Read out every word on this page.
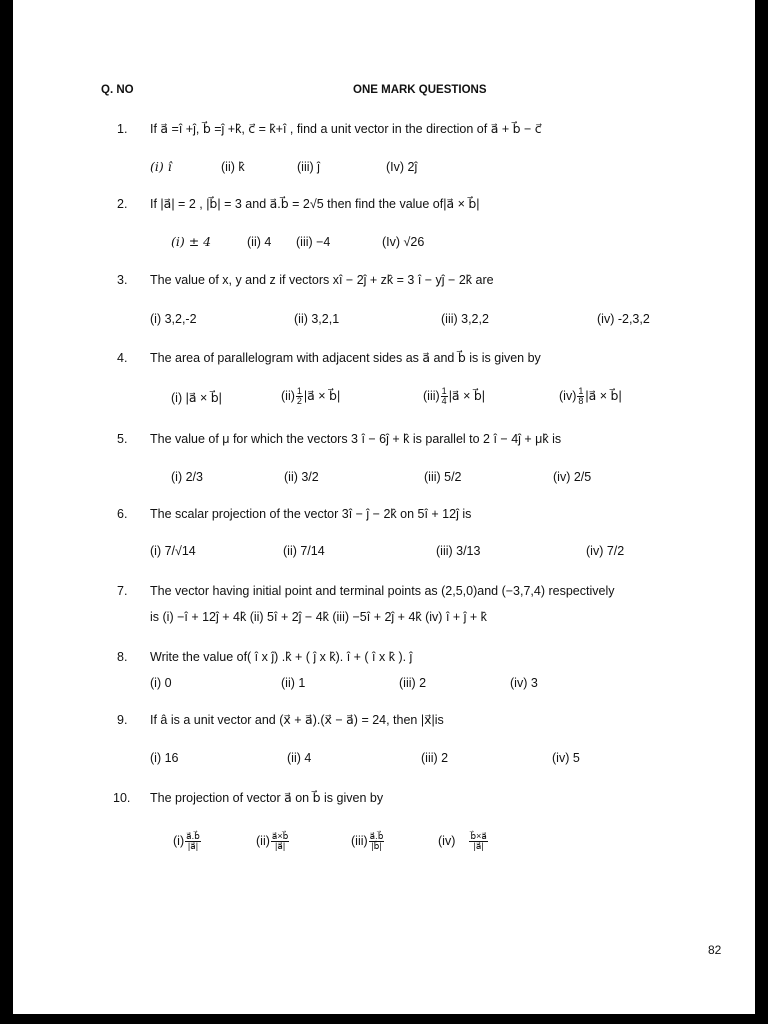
Q. NO	ONE MARK QUESTIONS
1. If a⃗ =î +ĵ, b⃗ =ĵ +k̂, c⃗ = k̂+î , find a unit vector in the direction of a⃗ + b⃗ − c⃗
(i) î	(ii) k̂	(iii) ĵ	(Iv) 2ĵ
2. If |a⃗| = 2 , |b⃗| = 3 and a⃗.b⃗ = 2√5 then find the value of|a⃗ × b⃗|
(i) ± 4	(ii) 4 (iii) −4	(Iv) √26
3. The value of x, y and z if vectors xî − 2ĵ + zk̂ = 3 î − yĵ − 2k̂ are
(i) 3,2,-2	(ii) 3,2,1	(iii) 3,2,2	(iv) -2,3,2
4. The area of parallelogram with adjacent sides as a⃗ and b⃗ is is given by
(i) |a⃗ × b⃗|	$(ii) \frac{1}{2}$ |a⃗ × b⃗|	$(iii) \frac{1}{4}$ |a⃗ × b⃗|	$(iv) \frac{1}{8}$ |a⃗ × b⃗|
5. The value of μ for which the vectors 3 î − 6ĵ + k̂ is parallel to 2 î − 4ĵ + μk̂ is
(i) 2/3	(ii) 3/2	(iii) 5/2	(iv) 2/5
6. The scalar projection of the vector 3î − ĵ − 2k̂ on 5î + 12ĵ is
(i) 7/√14	(ii) 7/14	(iii) 3/13	(iv) 7/2
7. The vector having initial point and terminal points as (2,5,0)and (−3,7,4) respectively
is (i) −î + 12ĵ + 4k̂ (ii) 5î + 2ĵ − 4k̂ (iii) −5î + 2ĵ + 4k̂ (iv) î + ĵ + k̂
8. Write the value of( î x ĵ) .k̂ + ( ĵ x k̂). î + ( î x k̂ ). ĵ
(i) 0	(ii) 1	(iii) 2	(iv) 3
9. If â is a unit vector and (x⃗ + a⃗).(x⃗ − a⃗) = 24, then |x⃗|is
(i) 16	(ii) 4	(iii) 2	(iv) 5
10. The projection of vector a⃗ on b⃗ is given by
$(i) \frac{a⃗.b⃗}{|a⃗|}$	$(ii) \frac{a⃗\times b⃗}{|a⃗|}$	$(iii) \frac{a⃗.b⃗}{|b⃗|}$	$(iv) \frac{b⃗\times a⃗}{|a⃗|}$
82
